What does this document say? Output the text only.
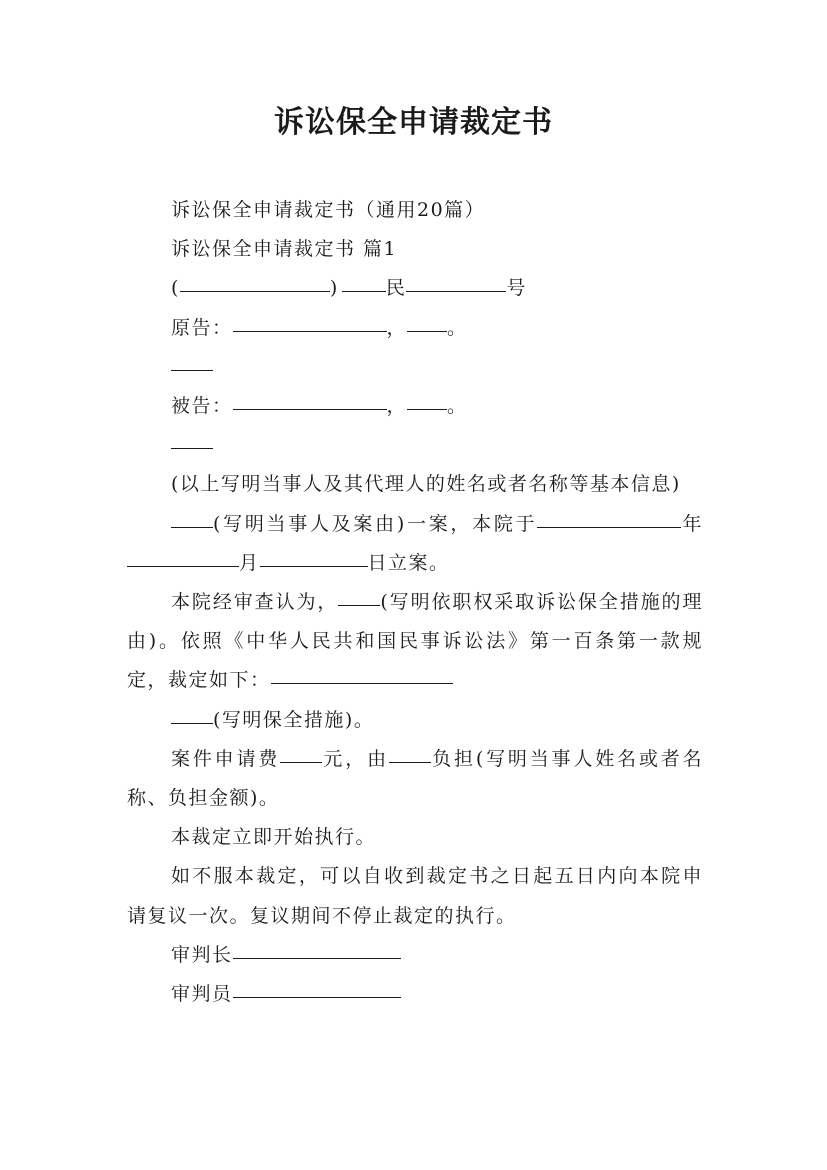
诉讼保全申请裁定书

诉讼保全申请裁定书（通用20篇）

诉讼保全申请裁定书 篇1

(	) 民	号

原告：	， 。

被告：	， 。

(以上写明当事人及其代理人的姓名或者名称等基本信息)

(写明当事人及案由)一案，本院于	年月	日立案。

本院经审查认为， (写明依职权采取诉讼保全措施的理由)。依照《中华人民共和国民事诉讼法》第一百条第一款规定，裁定如下：

(写明保全措施)。

案件申请费 元，由 负担(写明当事人姓名或者名称、负担金额)。

本裁定立即开始执行。

如不服本裁定，可以自收到裁定书之日起五日内向本院申请复议一次。复议期间不停止裁定的执行。

审判长

审判员
